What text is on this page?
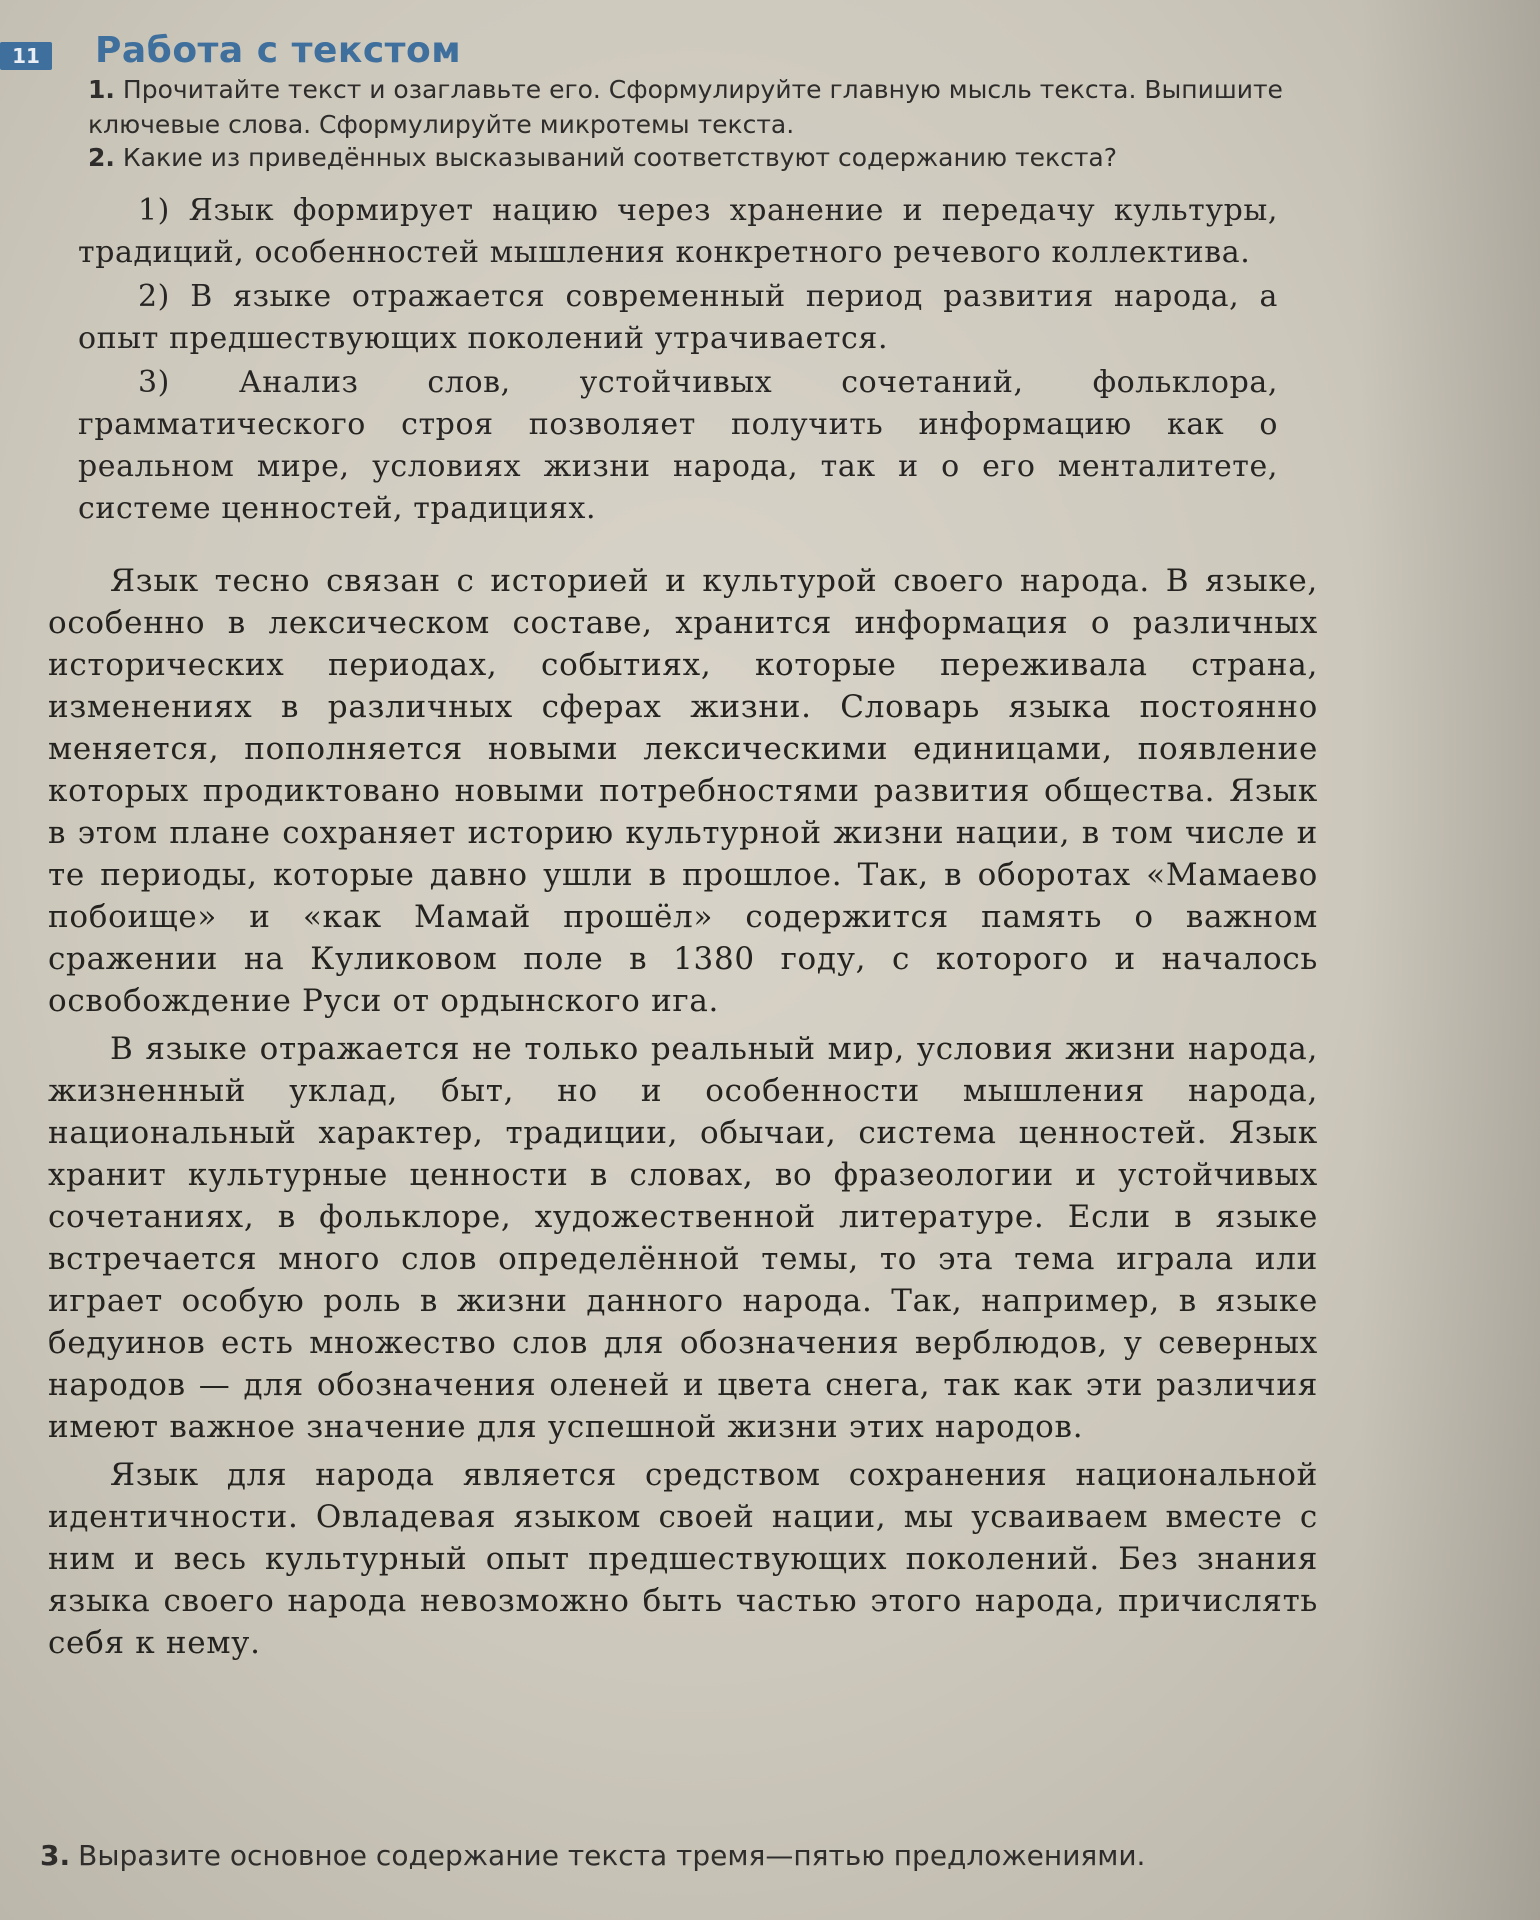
11	Работа с текстом
1. Прочитайте текст и озаглавьте его. Сформулируйте главную мысль текста. Выпишите ключевые слова. Сформулируйте микротемы текста.
2. Какие из приведённых высказываний соответствуют содержанию текста?

1) Язык формирует нацию через хранение и передачу культуры, традиций, особенностей мышления конкретного речевого коллектива.

2) В языке отражается современный период развития народа, а опыт предшествующих поколений утрачивается.

3) Анализ слов, устойчивых сочетаний, фольклора, грамматического строя позволяет получить информацию как о реальном мире, условиях жизни народа, так и о его менталитете, системе ценностей, традициях.

Язык тесно связан с историей и культурой своего народа. В языке, особенно в лексическом составе, хранится информация о различных исторических периодах, событиях, которые переживала страна, изменениях в различных сферах жизни. Словарь языка постоянно меняется, пополняется новыми лексическими единицами, появление которых продиктовано новыми потребностями развития общества. Язык в этом плане сохраняет историю культурной жизни нации, в том числе и те периоды, которые давно ушли в прошлое. Так, в оборотах «Мамаево побоище» и «как Мамай прошёл» содержится память о важном сражении на Куликовом поле в 1380 году, с которого и началось освобождение Руси от ордынского ига.

В языке отражается не только реальный мир, условия жизни народа, жизненный уклад, быт, но и особенности мышления народа, национальный характер, традиции, обычаи, система ценностей. Язык хранит культурные ценности в словах, во фразеологии и устойчивых сочетаниях, в фольклоре, художественной литературе. Если в языке встречается много слов определённой темы, то эта тема играла или играет особую роль в жизни данного народа. Так, например, в языке бедуинов есть множество слов для обозначения верблюдов, у северных народов — для обозначения оленей и цвета снега, так как эти различия имеют важное значение для успешной жизни этих народов.

Язык для народа является средством сохранения национальной идентичности. Овладевая языком своей нации, мы усваиваем вместе с ним и весь культурный опыт предшествующих поколений. Без знания языка своего народа невозможно быть частью этого народа, причислять себя к нему.

3. Выразите основное содержание текста тремя—пятью предложениями.
